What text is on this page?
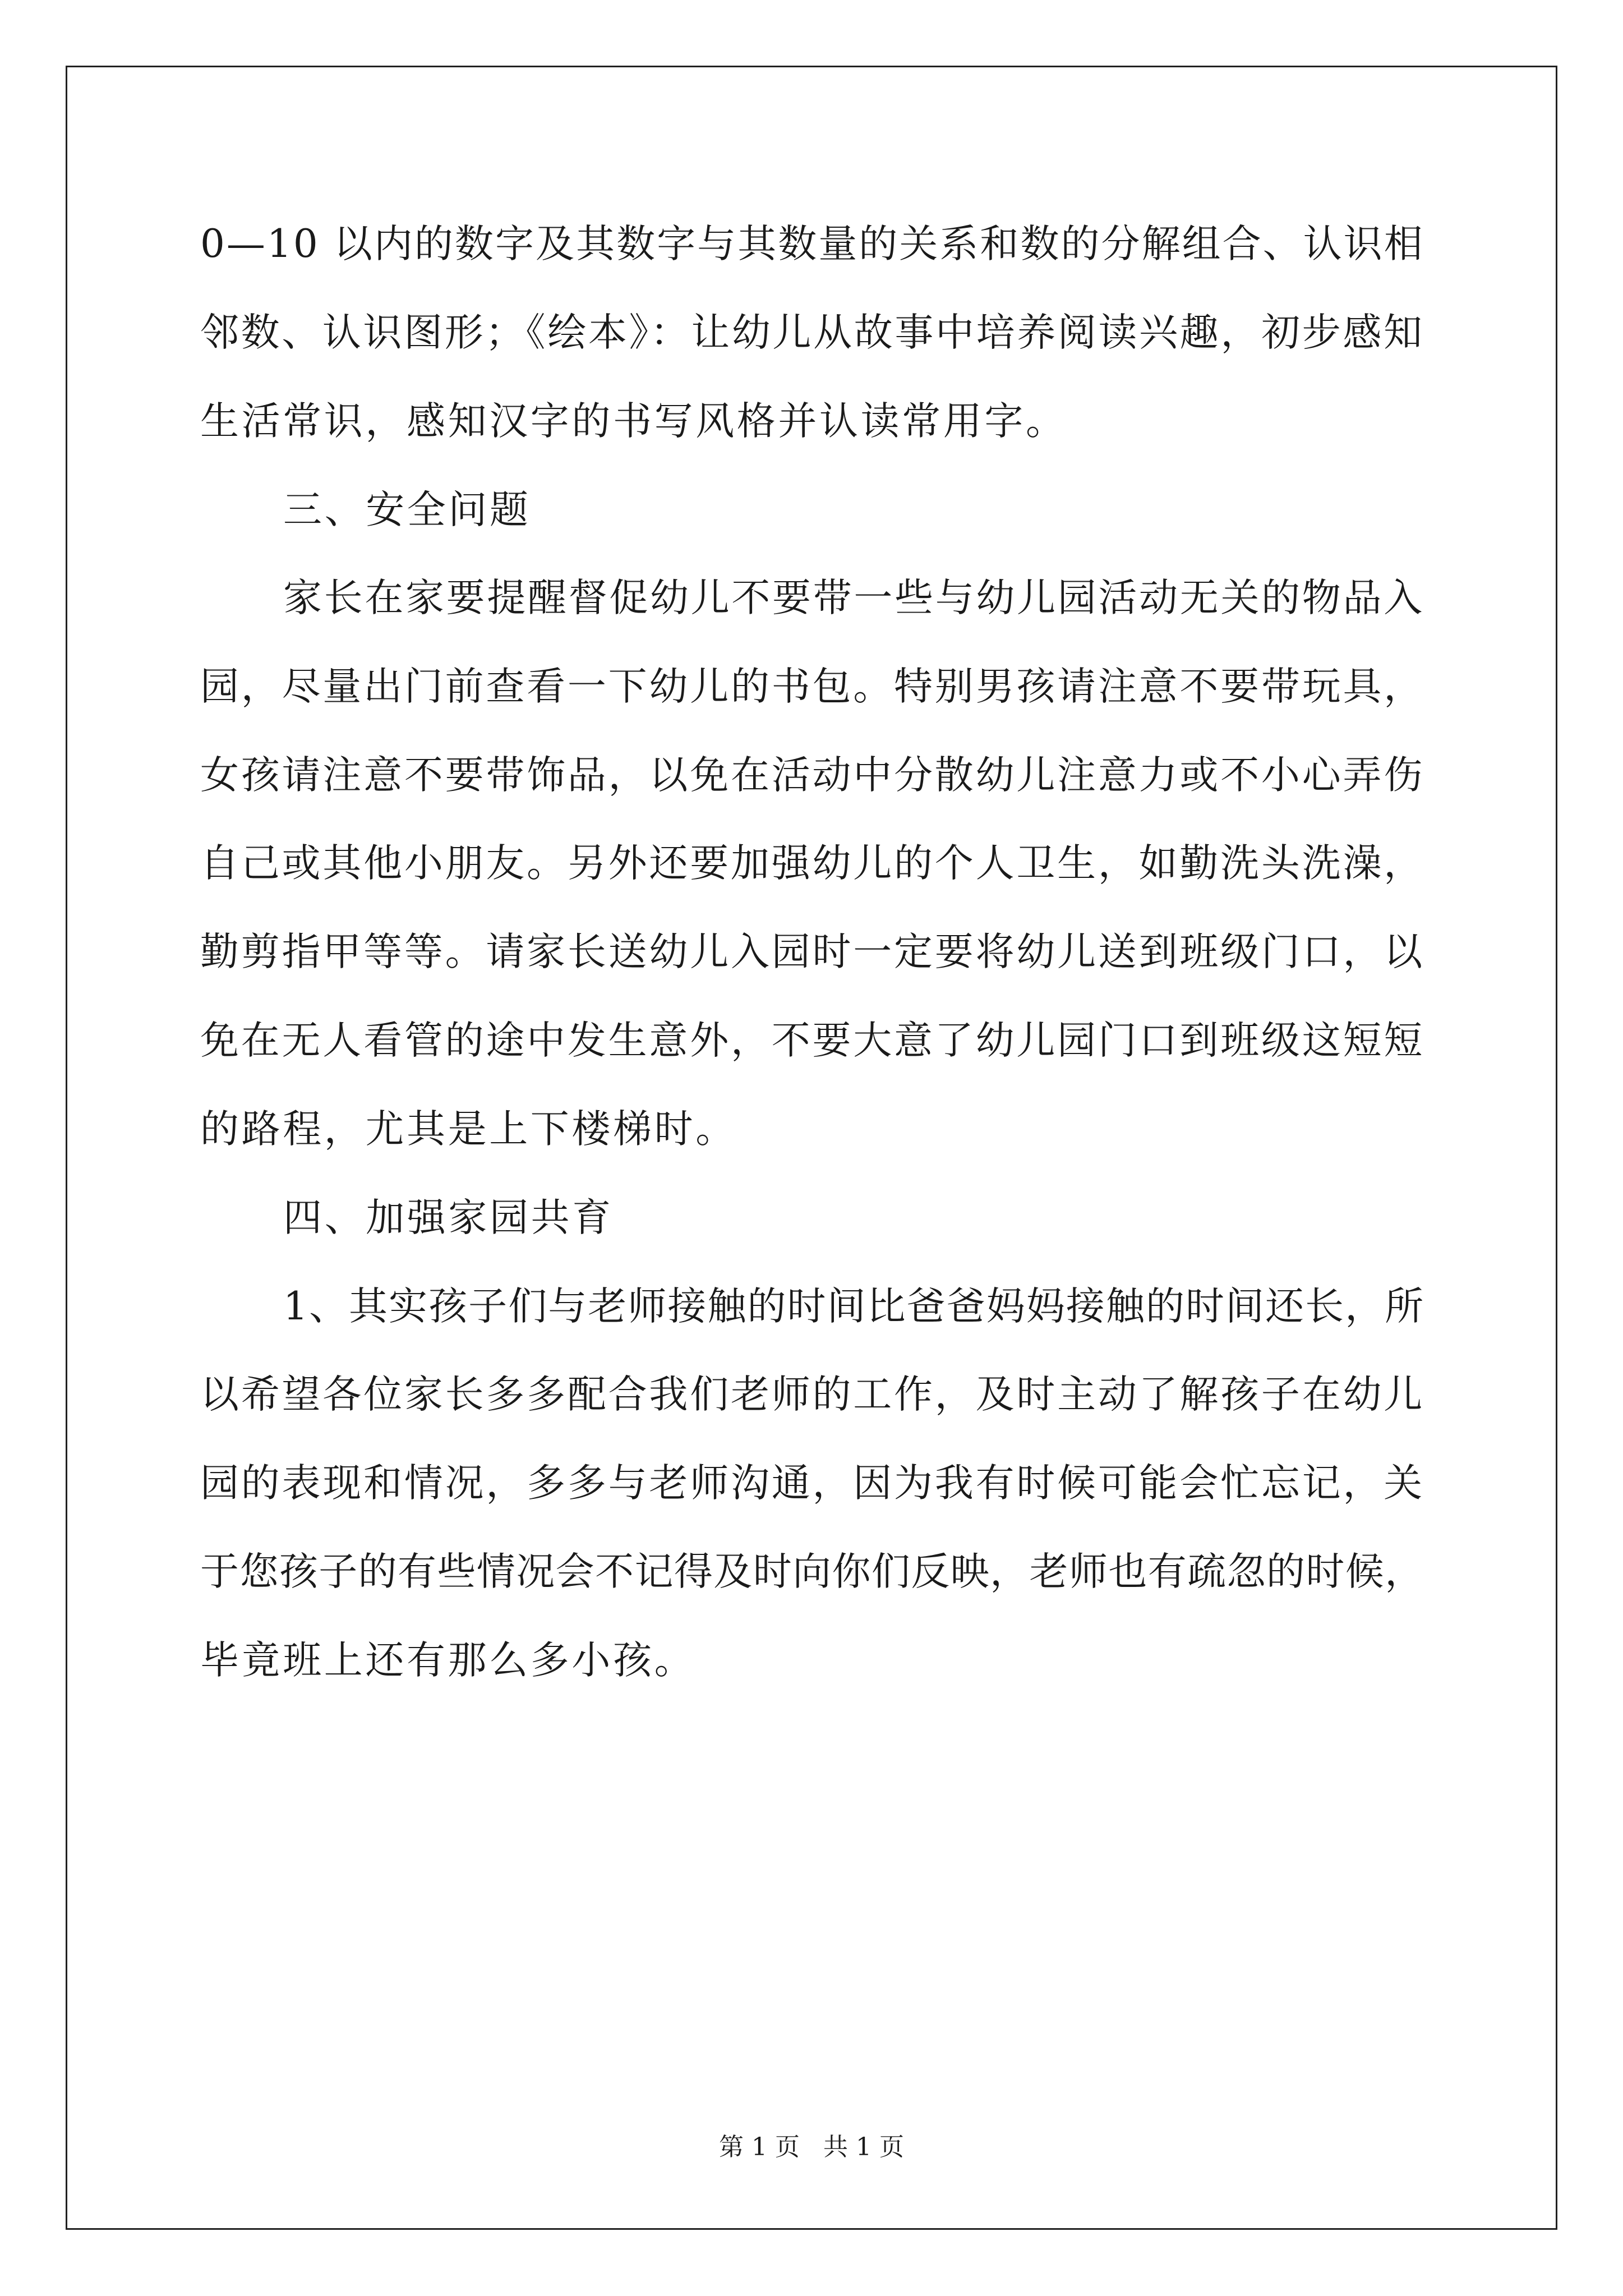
0—10 以内的数字及其数字与其数量的关系和数的分解组合、认识相
邻数、认识图形；《绘本》：让幼儿从故事中培养阅读兴趣，初步感知
生活常识，感知汉字的书写风格并认读常用字。
三、安全问题
家长在家要提醒督促幼儿不要带一些与幼儿园活动无关的物品入
园，尽量出门前查看一下幼儿的书包。特别男孩请注意不要带玩具，
女孩请注意不要带饰品，以免在活动中分散幼儿注意力或不小心弄伤
自己或其他小朋友。另外还要加强幼儿的个人卫生，如勤洗头洗澡，
勤剪指甲等等。请家长送幼儿入园时一定要将幼儿送到班级门口，以
免在无人看管的途中发生意外，不要大意了幼儿园门口到班级这短短
的路程，尤其是上下楼梯时。
四、加强家园共育
1、其实孩子们与老师接触的时间比爸爸妈妈接触的时间还长，所
以希望各位家长多多配合我们老师的工作，及时主动了解孩子在幼儿
园的表现和情况，多多与老师沟通，因为我有时候可能会忙忘记，关
于您孩子的有些情况会不记得及时向你们反映，老师也有疏忽的时候，
毕竟班上还有那么多小孩。
第 1 页   共 1 页
